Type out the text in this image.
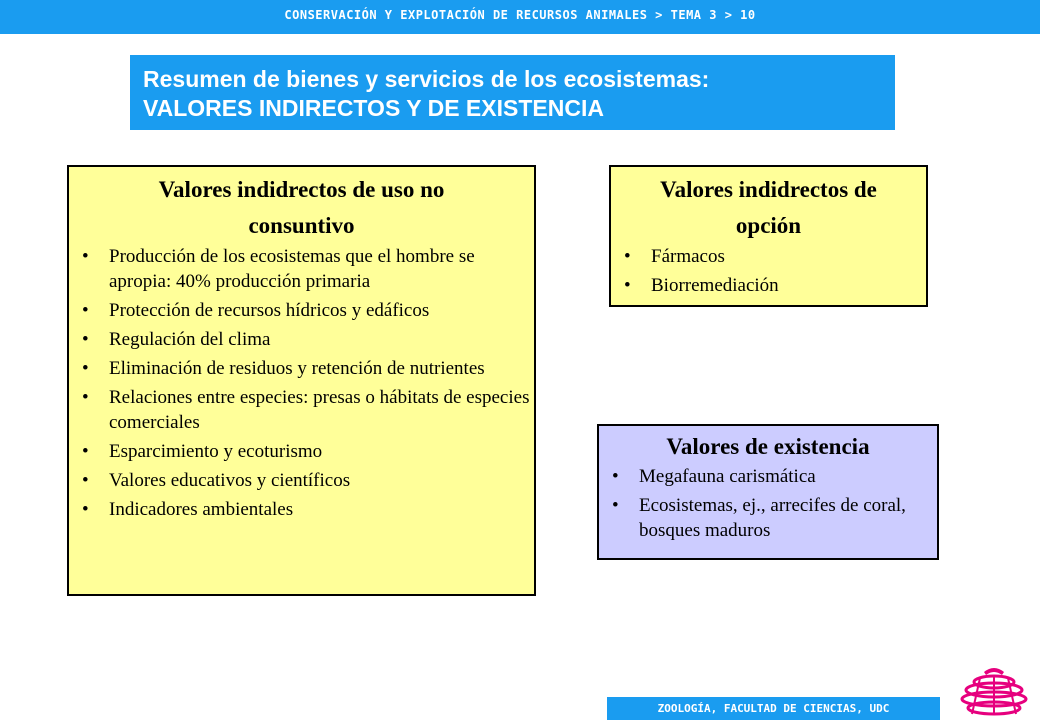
CONSERVACIÓN Y EXPLOTACIÓN DE RECURSOS ANIMALES > TEMA 3 > 10
Resumen de bienes y servicios de los ecosistemas:
VALORES INDIRECTOS Y DE EXISTENCIA
Valores indidrectos de uso no
consuntivo
• Producción de los ecosistemas que el hombre se apropia: 40% producción primaria
• Protección de recursos hídricos y edáficos
• Regulación del clima
• Eliminación de residuos y retención de nutrientes
• Relaciones entre especies: presas o hábitats de especies comerciales
• Esparcimiento y ecoturismo
• Valores educativos y científicos
• Indicadores ambientales
Valores indidrectos de
opción
• Fármacos
• Biorremediación
Valores de existencia
• Megafauna carismática
• Ecosistemas, ej., arrecifes de coral, bosques maduros
ZOOLOGÍA, FACULTAD DE CIENCIAS, UDC
